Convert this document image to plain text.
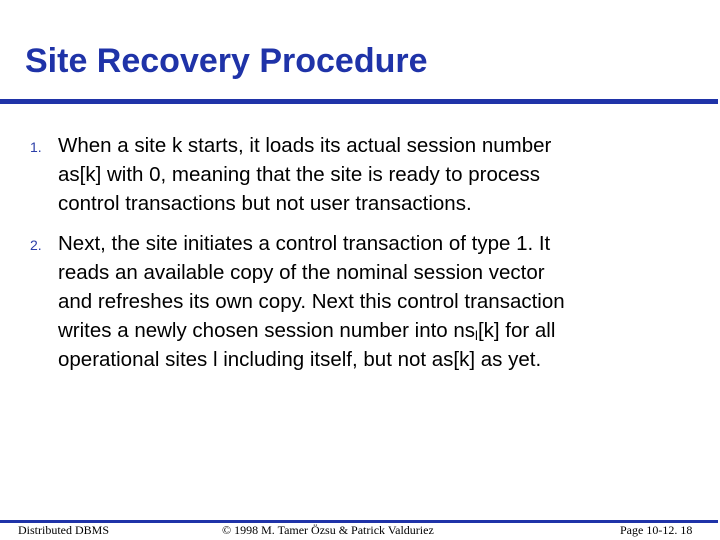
Site Recovery Procedure
1. When a site k starts, it loads its actual session number
as[k] with 0, meaning that the site is ready to process
control transactions but not user transactions.
2. Next, the site initiates a control transaction of type 1. It
reads an available copy of the nominal session vector
and refreshes its own copy. Next this control transaction
writes a newly chosen session number into $ns_l[k]$ for all
operational sites l including itself, but not as[k] as yet.
Distributed DBMS	© 1998 M. Tamer Özsu & Patrick Valduriez	Page 10-12. 18
